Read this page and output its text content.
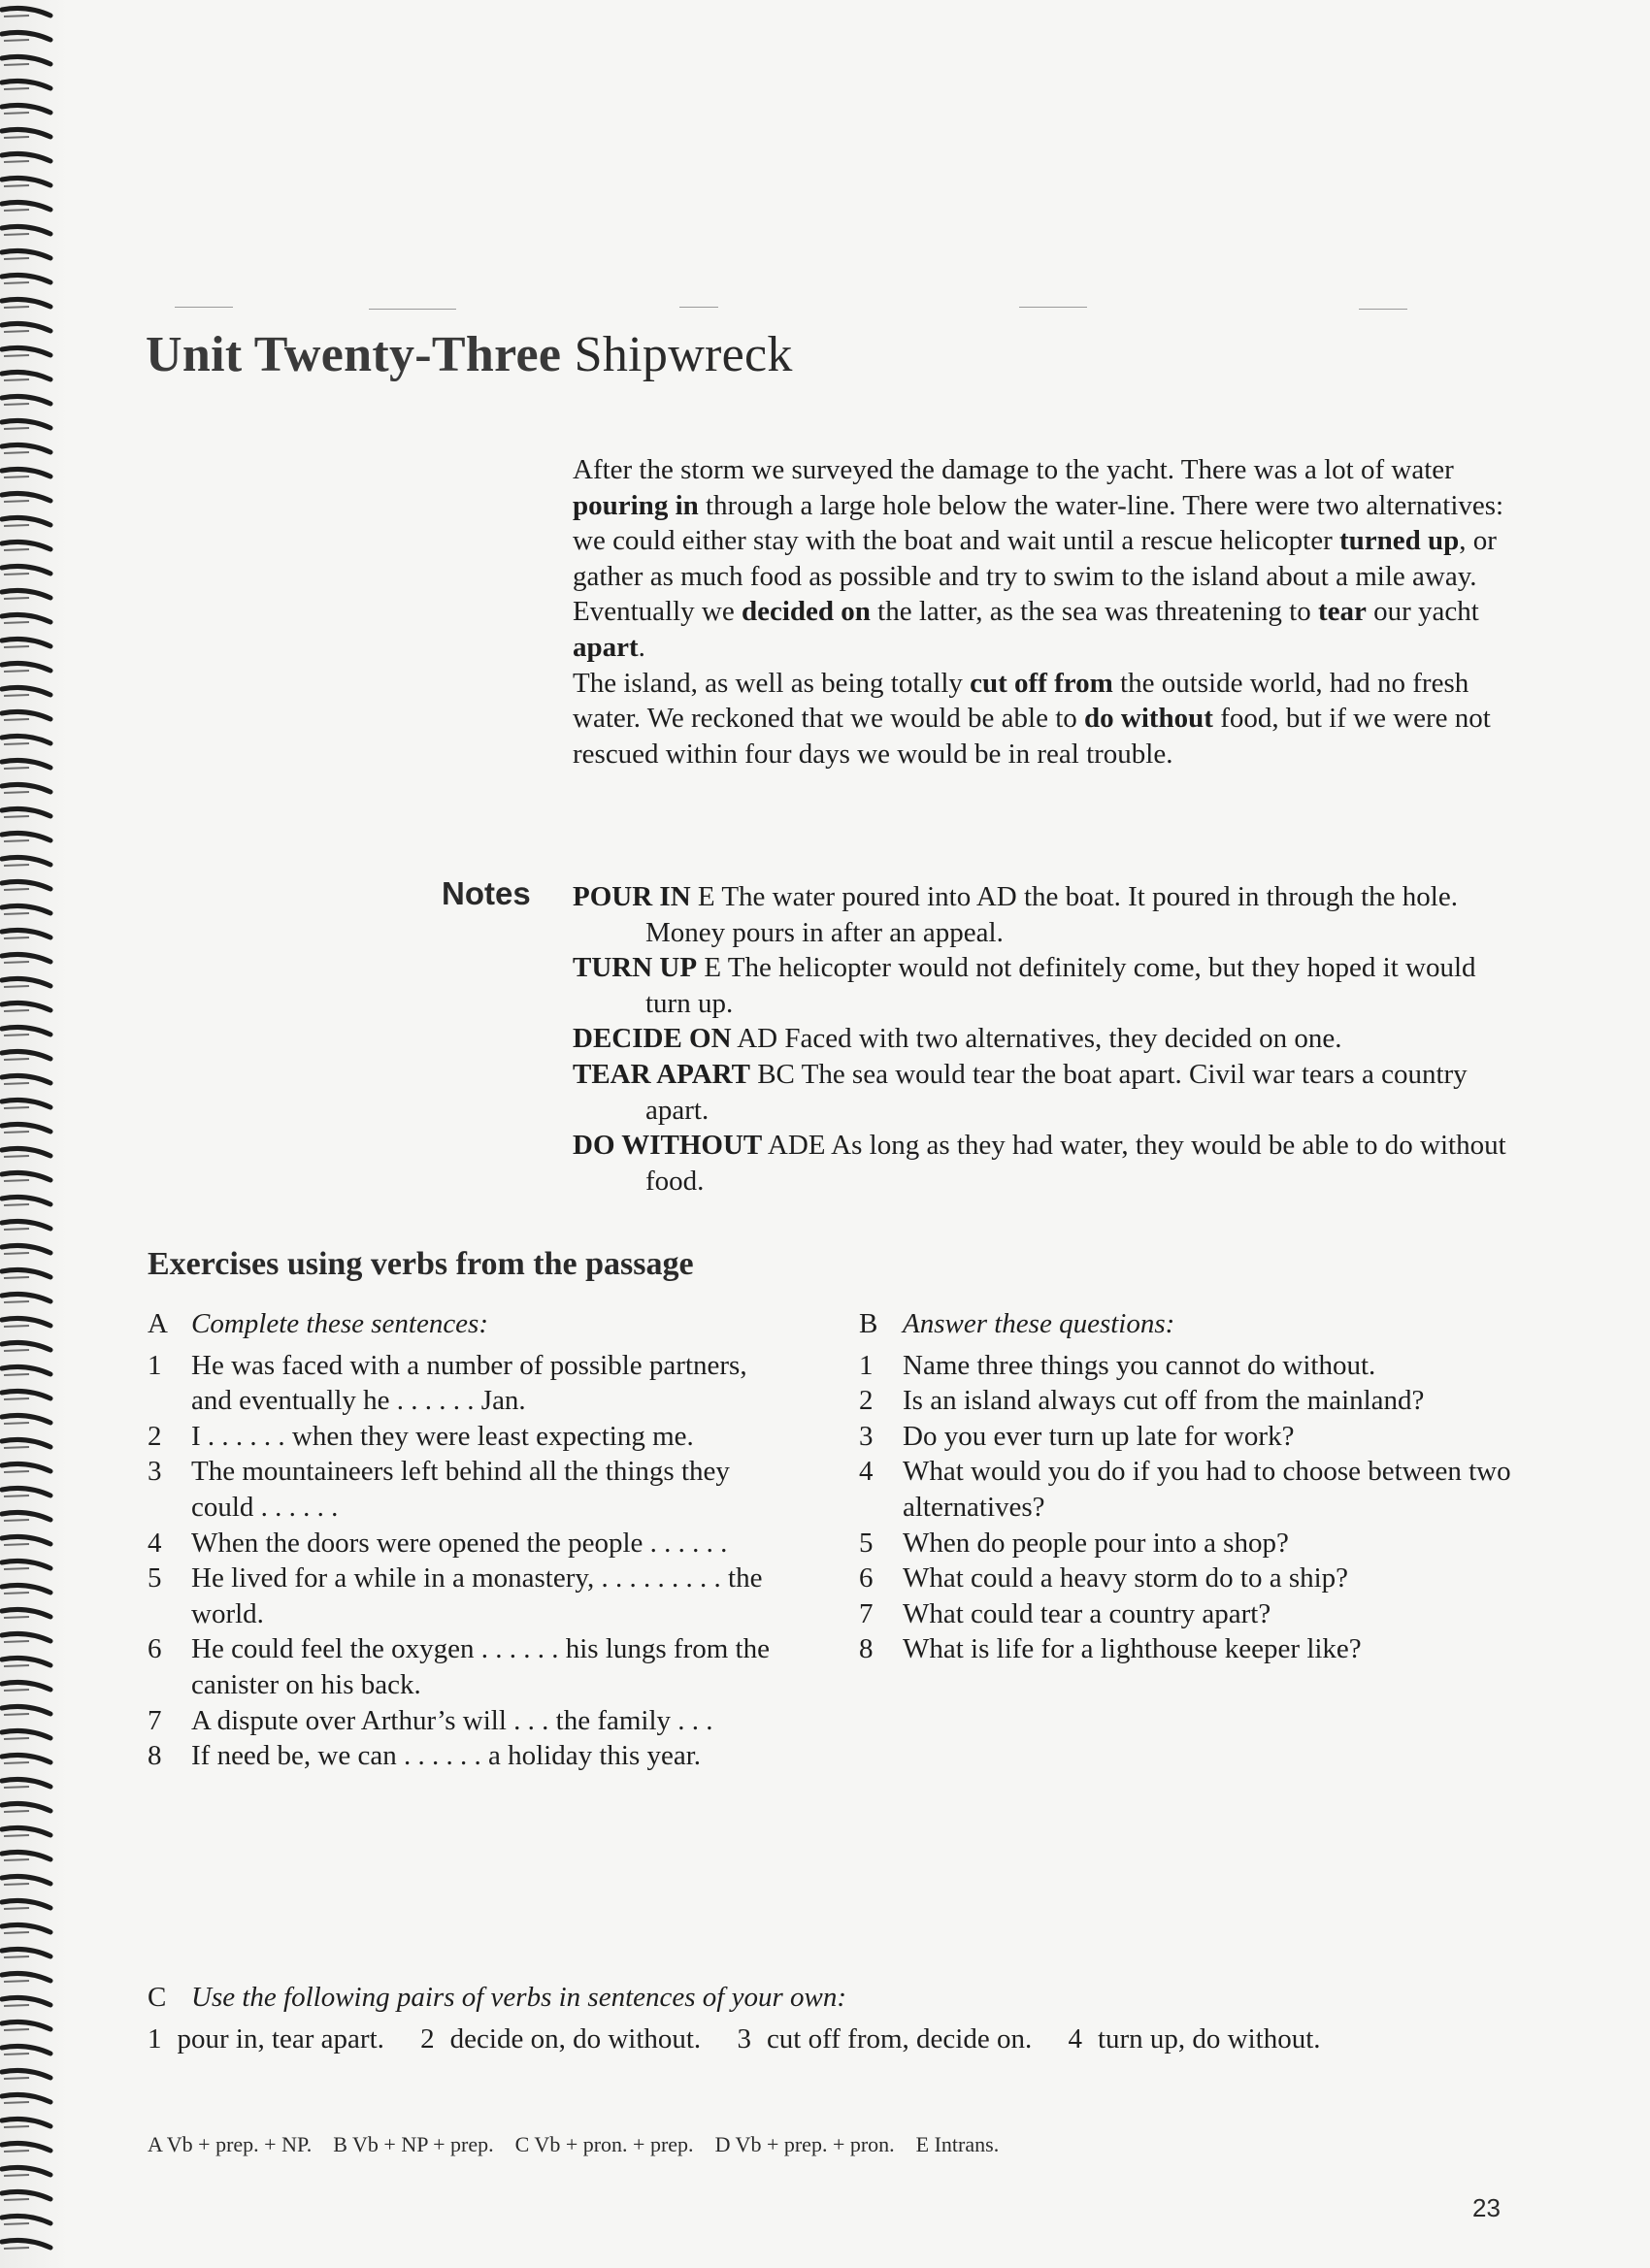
Unit Twenty-Three Shipwreck

After the storm we surveyed the damage to the yacht. There was a lot of water pouring in through a large hole below the water-line. There were two alternatives: we could either stay with the boat and wait until a rescue helicopter turned up, or gather as much food as possible and try to swim to the island about a mile away. Eventually we decided on the latter, as the sea was threatening to tear our yacht apart.

The island, as well as being totally cut off from the outside world, had no fresh water. We reckoned that we would be able to do without food, but if we were not rescued within four days we would be in real trouble.

Notes POUR IN E The water poured into AD the boat. It poured in through the hole. Money pours in after an appeal.
TURN UP E The helicopter would not definitely come, but they hoped it would turn up.
DECIDE ON AD Faced with two alternatives, they decided on one.
TEAR APART BC The sea would tear the boat apart. Civil war tears a country apart.
DO WITHOUT ADE As long as they had water, they would be able to do without food.
Exercises using verbs from the passage
A Complete these sentences:
1 He was faced with a number of possible partners, and eventually he . . . . . . Jan.
2 I . . . . . . when they were least expecting me.
3 The mountaineers left behind all the things they could . . . . . .
4 When the doors were opened the people . . . . . .
5 He lived for a while in a monastery, . . . . . . . . . the world.
6 He could feel the oxygen . . . . . . his lungs from the canister on his back.
7 A dispute over Arthur’s will . . . the family . . .
8 If need be, we can . . . . . . a holiday this year.
B Answer these questions:
1 Name three things you cannot do without.
2 Is an island always cut off from the mainland?
3 Do you ever turn up late for work?
4 What would you do if you had to choose between two alternatives?
5 When do people pour into a shop?
6 What could a heavy storm do to a ship?
7 What could tear a country apart?
8 What is life for a lighthouse keeper like?
C Use the following pairs of verbs in sentences of your own:
1 pour in, tear apart. 2 decide on, do without. 3 cut off from, decide on. 4 turn up, do without.
A Vb + prep. + NP. B Vb + NP + prep. C Vb + pron. + prep. D Vb + prep. + pron. E Intrans.
23
